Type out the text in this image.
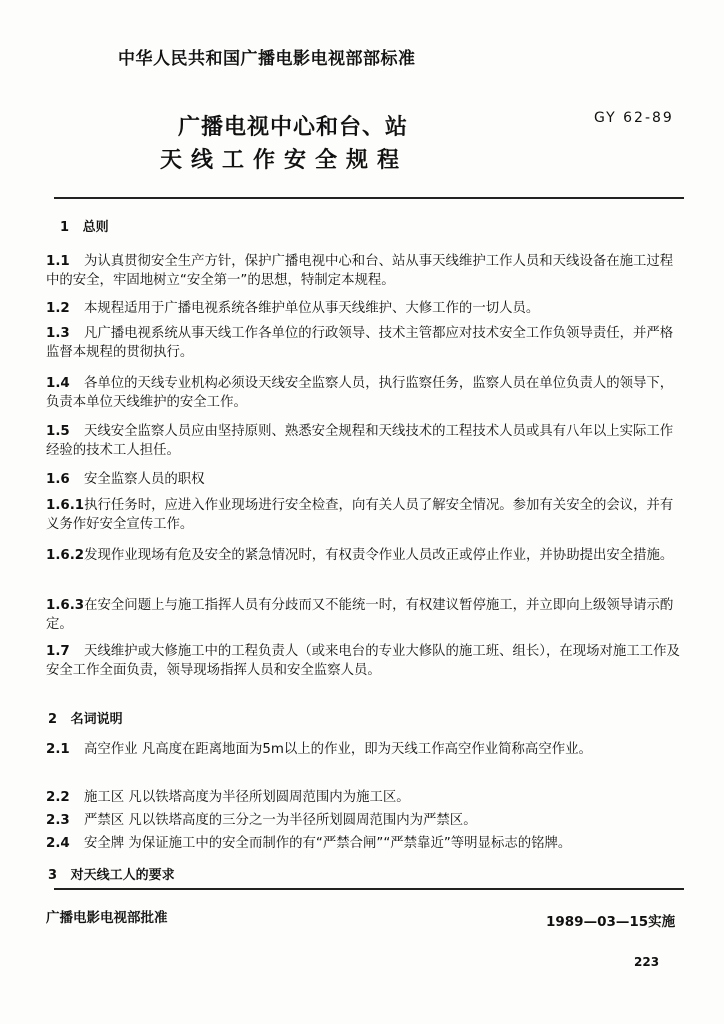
中华人民共和国广播电影电视部部标准
广播电视中心和台、站
天线工作安全规程
GY 62-89
1 总则
1.1 为认真贯彻安全生产方针，保护广播电视中心和台、站从事天线维护工作人员和天线设备在施工过程中的安全，牢固地树立“安全第一”的思想，特制定本规程。
1.2 本规程适用于广播电视系统各维护单位从事天线维护、大修工作的一切人员。
1.3 凡广播电视系统从事天线工作各单位的行政领导、技术主管都应对技术安全工作负领导责任，并严格监督本规程的贯彻执行。
1.4 各单位的天线专业机构必须设天线安全监察人员，执行监察任务，监察人员在单位负责人的领导下，负责本单位天线维护的安全工作。
1.5 天线安全监察人员应由坚持原则、熟悉安全规程和天线技术的工程技术人员或具有八年以上实际工作经验的技术工人担任。
1.6 安全监察人员的职权
1.6.1执行任务时，应进入作业现场进行安全检查，向有关人员了解安全情况。参加有关安全的会议，并有义务作好安全宣传工作。
1.6.2发现作业现场有危及安全的紧急情况时，有权责令作业人员改正或停止作业，并协助提出安全措施。
1.6.3在安全问题上与施工指挥人员有分歧而又不能统一时，有权建议暂停施工，并立即向上级领导请示酌定。
1.7 天线维护或大修施工中的工程负责人（或来电台的专业大修队的施工班、组长），在现场对施工工作及安全工作全面负责，领导现场指挥人员和安全监察人员。
2 名词说明
2.1 高空作业 凡高度在距离地面为5m以上的作业，即为天线工作高空作业简称高空作业。
2.2 施工区 凡以铁塔高度为半径所划圆周范围内为施工区。
2.3 严禁区 凡以铁塔高度的三分之一为半径所划圆周范围内为严禁区。
2.4 安全牌 为保证施工中的安全而制作的有“严禁合闸”“严禁靠近”等明显标志的铭牌。
3 对天线工人的要求
广播电影电视部批准	1989—03—15实施
223
